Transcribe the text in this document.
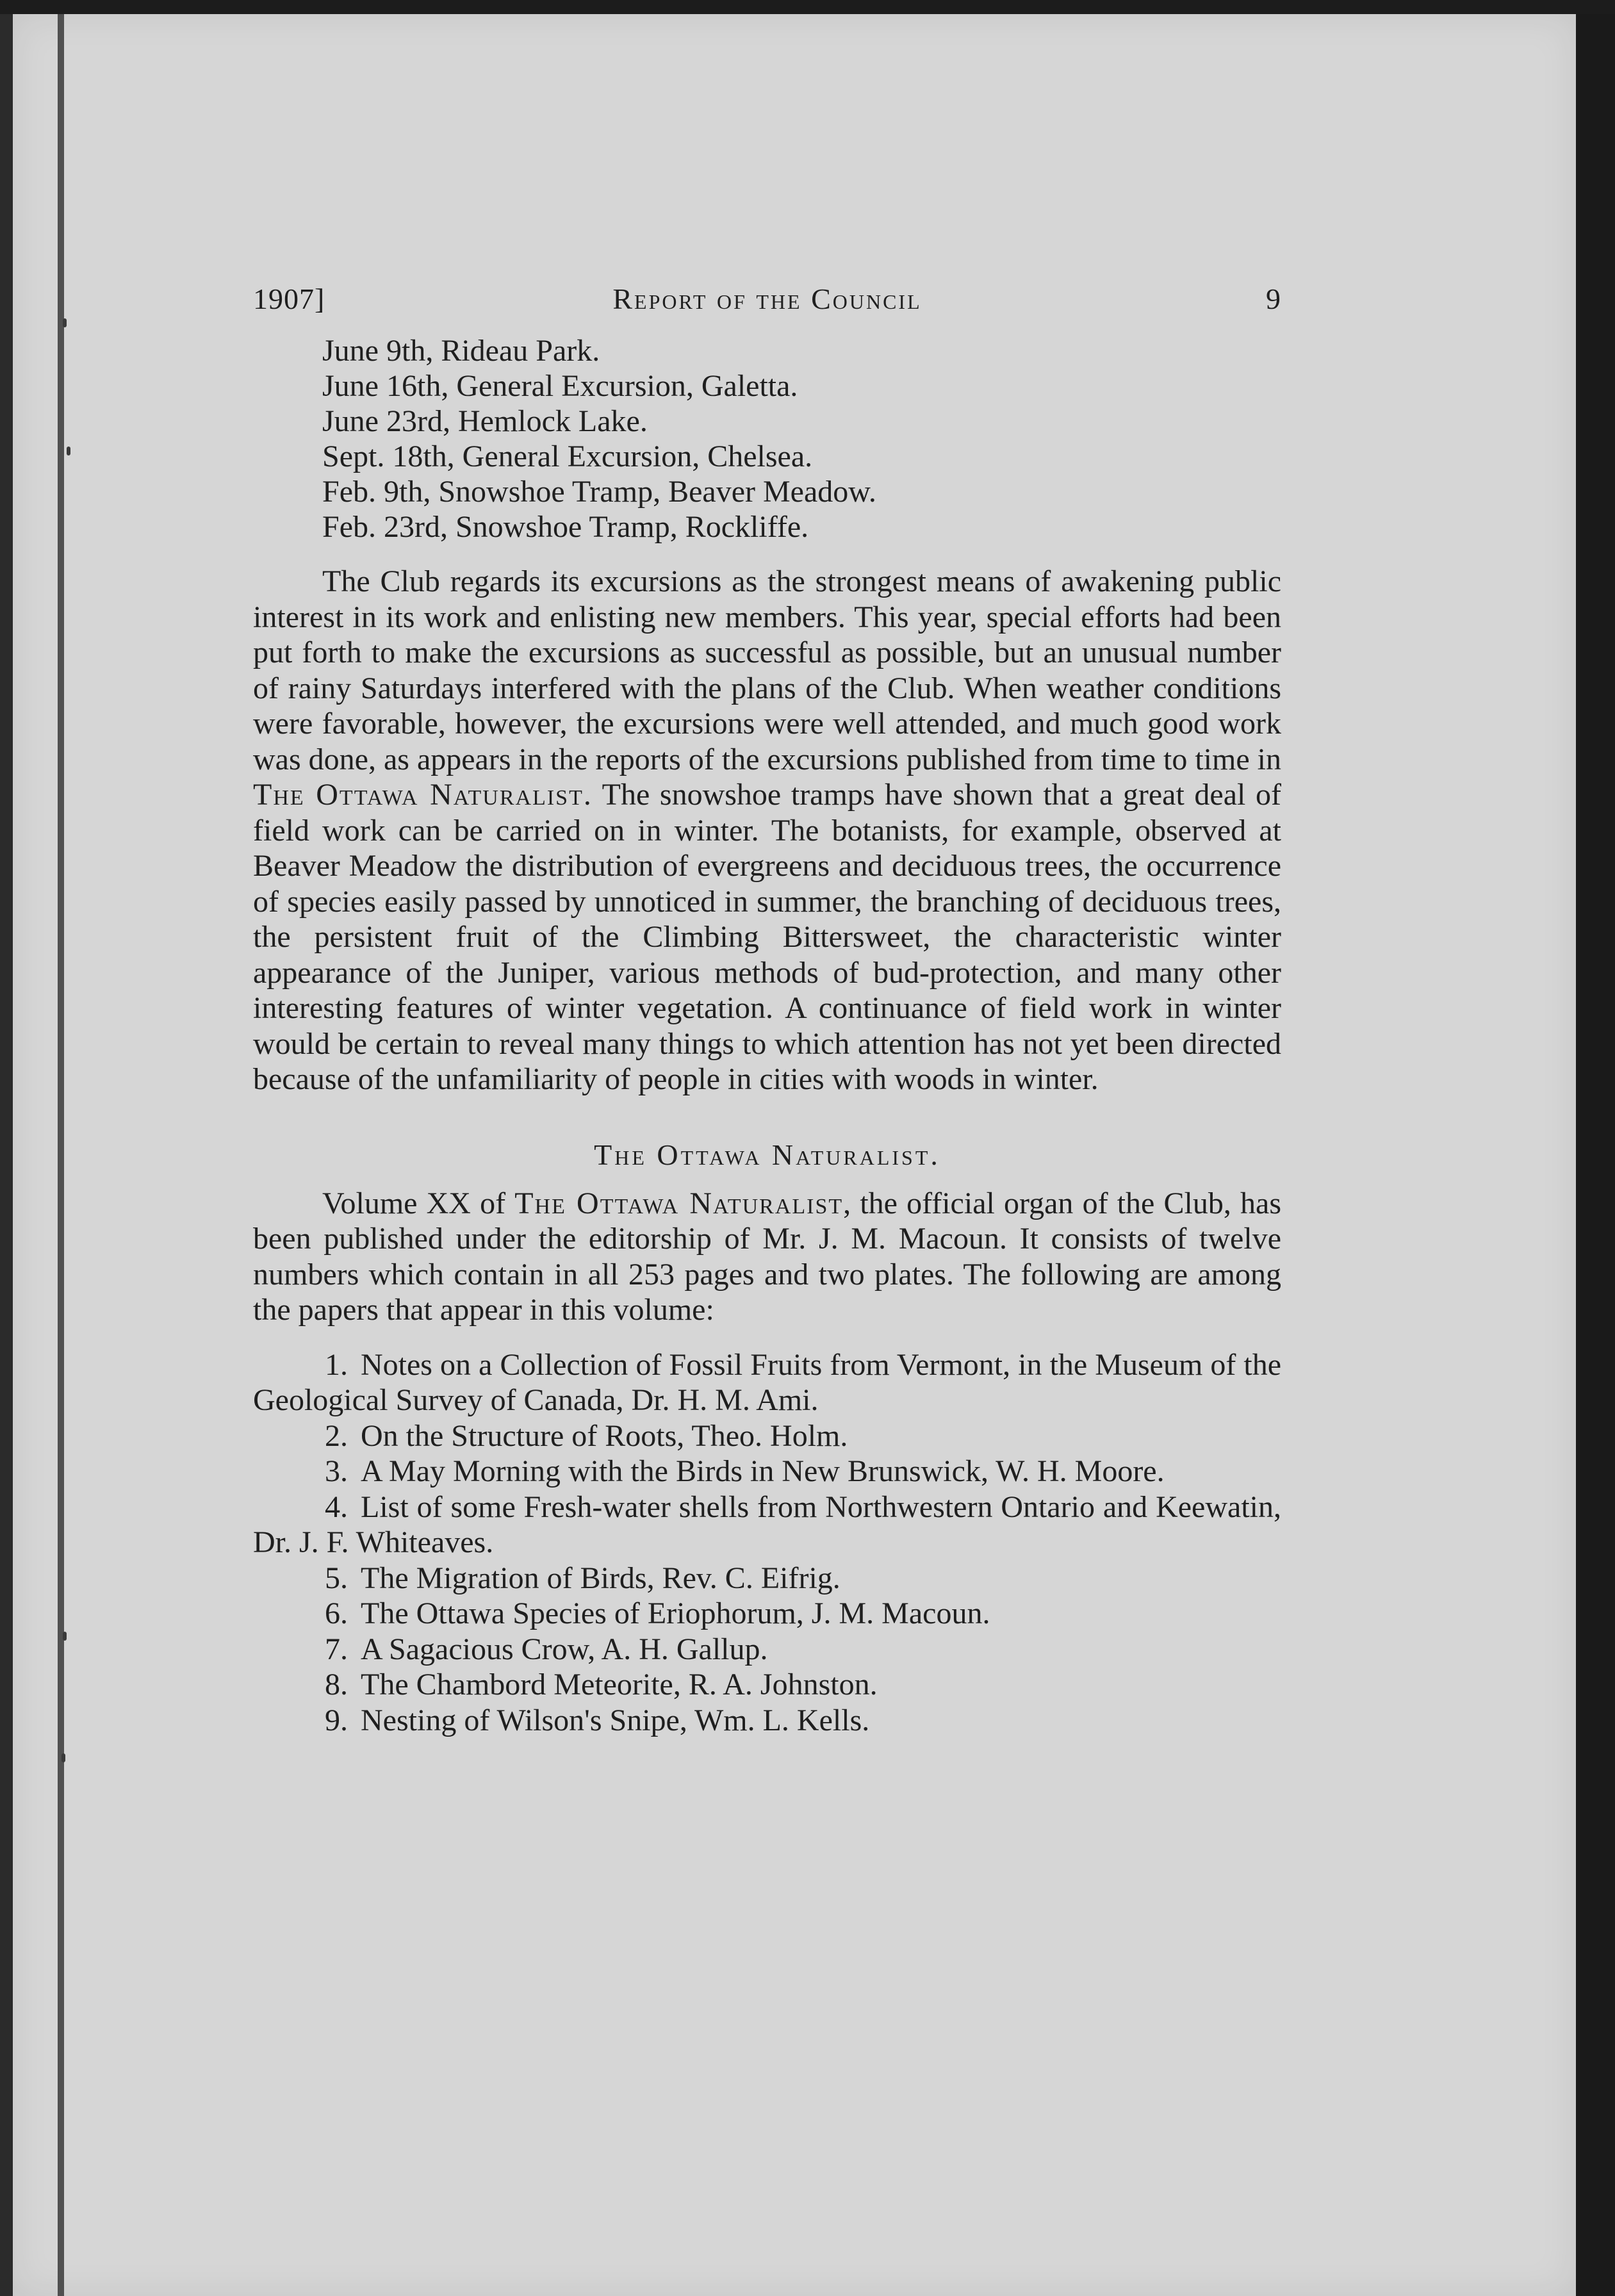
1907]	Report of the Council	9
June 9th, Rideau Park.
June 16th, General Excursion, Galetta.
June 23rd, Hemlock Lake.
Sept. 18th, General Excursion, Chelsea.
Feb. 9th, Snowshoe Tramp, Beaver Meadow.
Feb. 23rd, Snowshoe Tramp, Rockliffe.

The Club regards its excursions as the strongest means of awakening public interest in its work and enlisting new members. This year, special efforts had been put forth to make the excursions as successful as possible, but an unusual number of rainy Saturdays interfered with the plans of the Club. When weather conditions were favorable, however, the excursions were well attended, and much good work was done, as appears in the reports of the excursions published from time to time in The Ottawa Naturalist. The snowshoe tramps have shown that a great deal of field work can be carried on in winter. The botanists, for example, observed at Beaver Meadow the distribution of evergreens and deciduous trees, the occurrence of species easily passed by unnoticed in summer, the branching of deciduous trees, the persistent fruit of the Climbing Bittersweet, the characteristic winter appearance of the Juniper, various methods of bud-protection, and many other interesting features of winter vegetation. A continuance of field work in winter would be certain to reveal many things to which attention has not yet been directed because of the unfamiliarity of people in cities with woods in winter.

The Ottawa Naturalist.

Volume XX of The Ottawa Naturalist, the official organ of the Club, has been published under the editorship of Mr. J. M. Macoun. It consists of twelve numbers which contain in all 253 pages and two plates. The following are among the papers that appear in this volume:

1. Notes on a Collection of Fossil Fruits from Vermont, in the Museum of the Geological Survey of Canada, Dr. H. M. Ami.
2. On the Structure of Roots, Theo. Holm.
3. A May Morning with the Birds in New Brunswick, W. H. Moore.
4. List of some Fresh-water shells from Northwestern Ontario and Keewatin, Dr. J. F. Whiteaves.
5. The Migration of Birds, Rev. C. Eifrig.
6. The Ottawa Species of Eriophorum, J. M. Macoun.
7. A Sagacious Crow, A. H. Gallup.
8. The Chambord Meteorite, R. A. Johnston.
9. Nesting of Wilson's Snipe, Wm. L. Kells.
